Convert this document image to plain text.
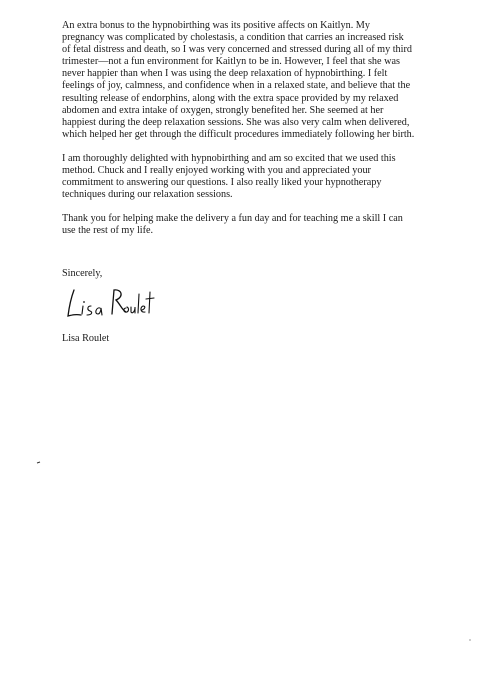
An extra bonus to the hypnobirthing was its positive affects on Kaitlyn. My
pregnancy was complicated by cholestasis, a condition that carries an increased risk
of fetal distress and death, so I was very concerned and stressed during all of my third
trimester—not a fun environment for Kaitlyn to be in. However, I feel that she was
never happier than when I was using the deep relaxation of hypnobirthing. I felt
feelings of joy, calmness, and confidence when in a relaxed state, and believe that the
resulting release of endorphins, along with the extra space provided by my relaxed
abdomen and extra intake of oxygen, strongly benefited her. She seemed at her
happiest during the deep relaxation sessions. She was also very calm when delivered,
which helped her get through the difficult procedures immediately following her birth.

I am thoroughly delighted with hypnobirthing and am so excited that we used this
method. Chuck and I really enjoyed working with you and appreciated your
commitment to answering our questions. I also really liked your hypnotherapy
techniques during our relaxation sessions.

Thank you for helping make the delivery a fun day and for teaching me a skill I can
use the rest of my life.

Sincerely,
Lisa Roulet
